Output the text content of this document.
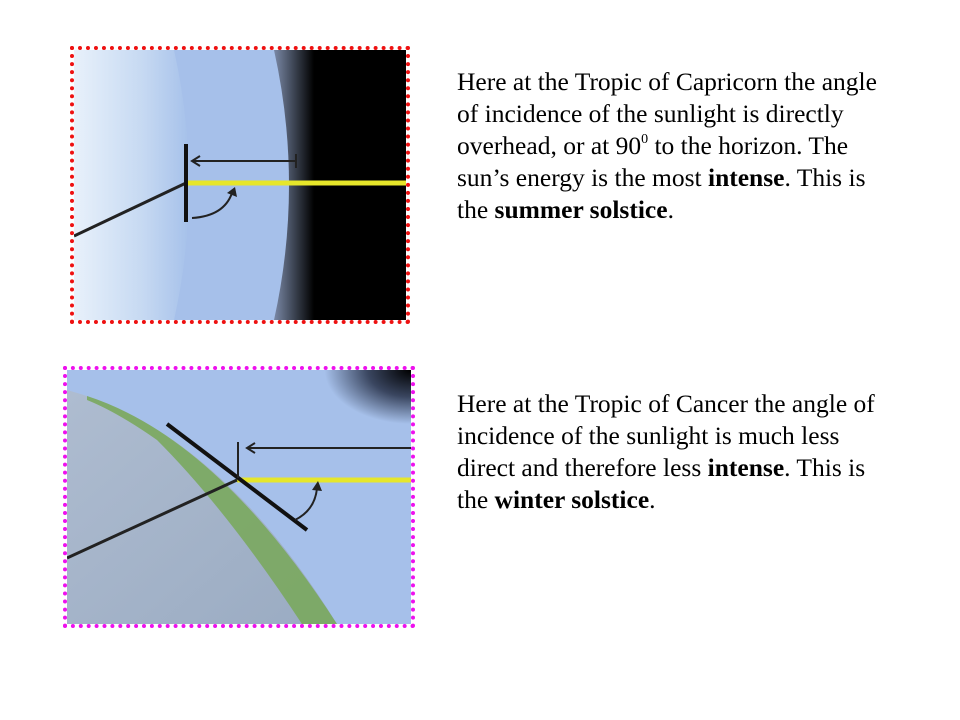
Here at the Tropic of Capricorn the angle of incidence of the sunlight is directly overhead, or at $90^0$ to the horizon. The sun’s energy is the most intense. This is the summer solstice.
Here at the Tropic of Cancer the angle of incidence of the sunlight is much less direct and therefore less intense. This is the winter solstice.
